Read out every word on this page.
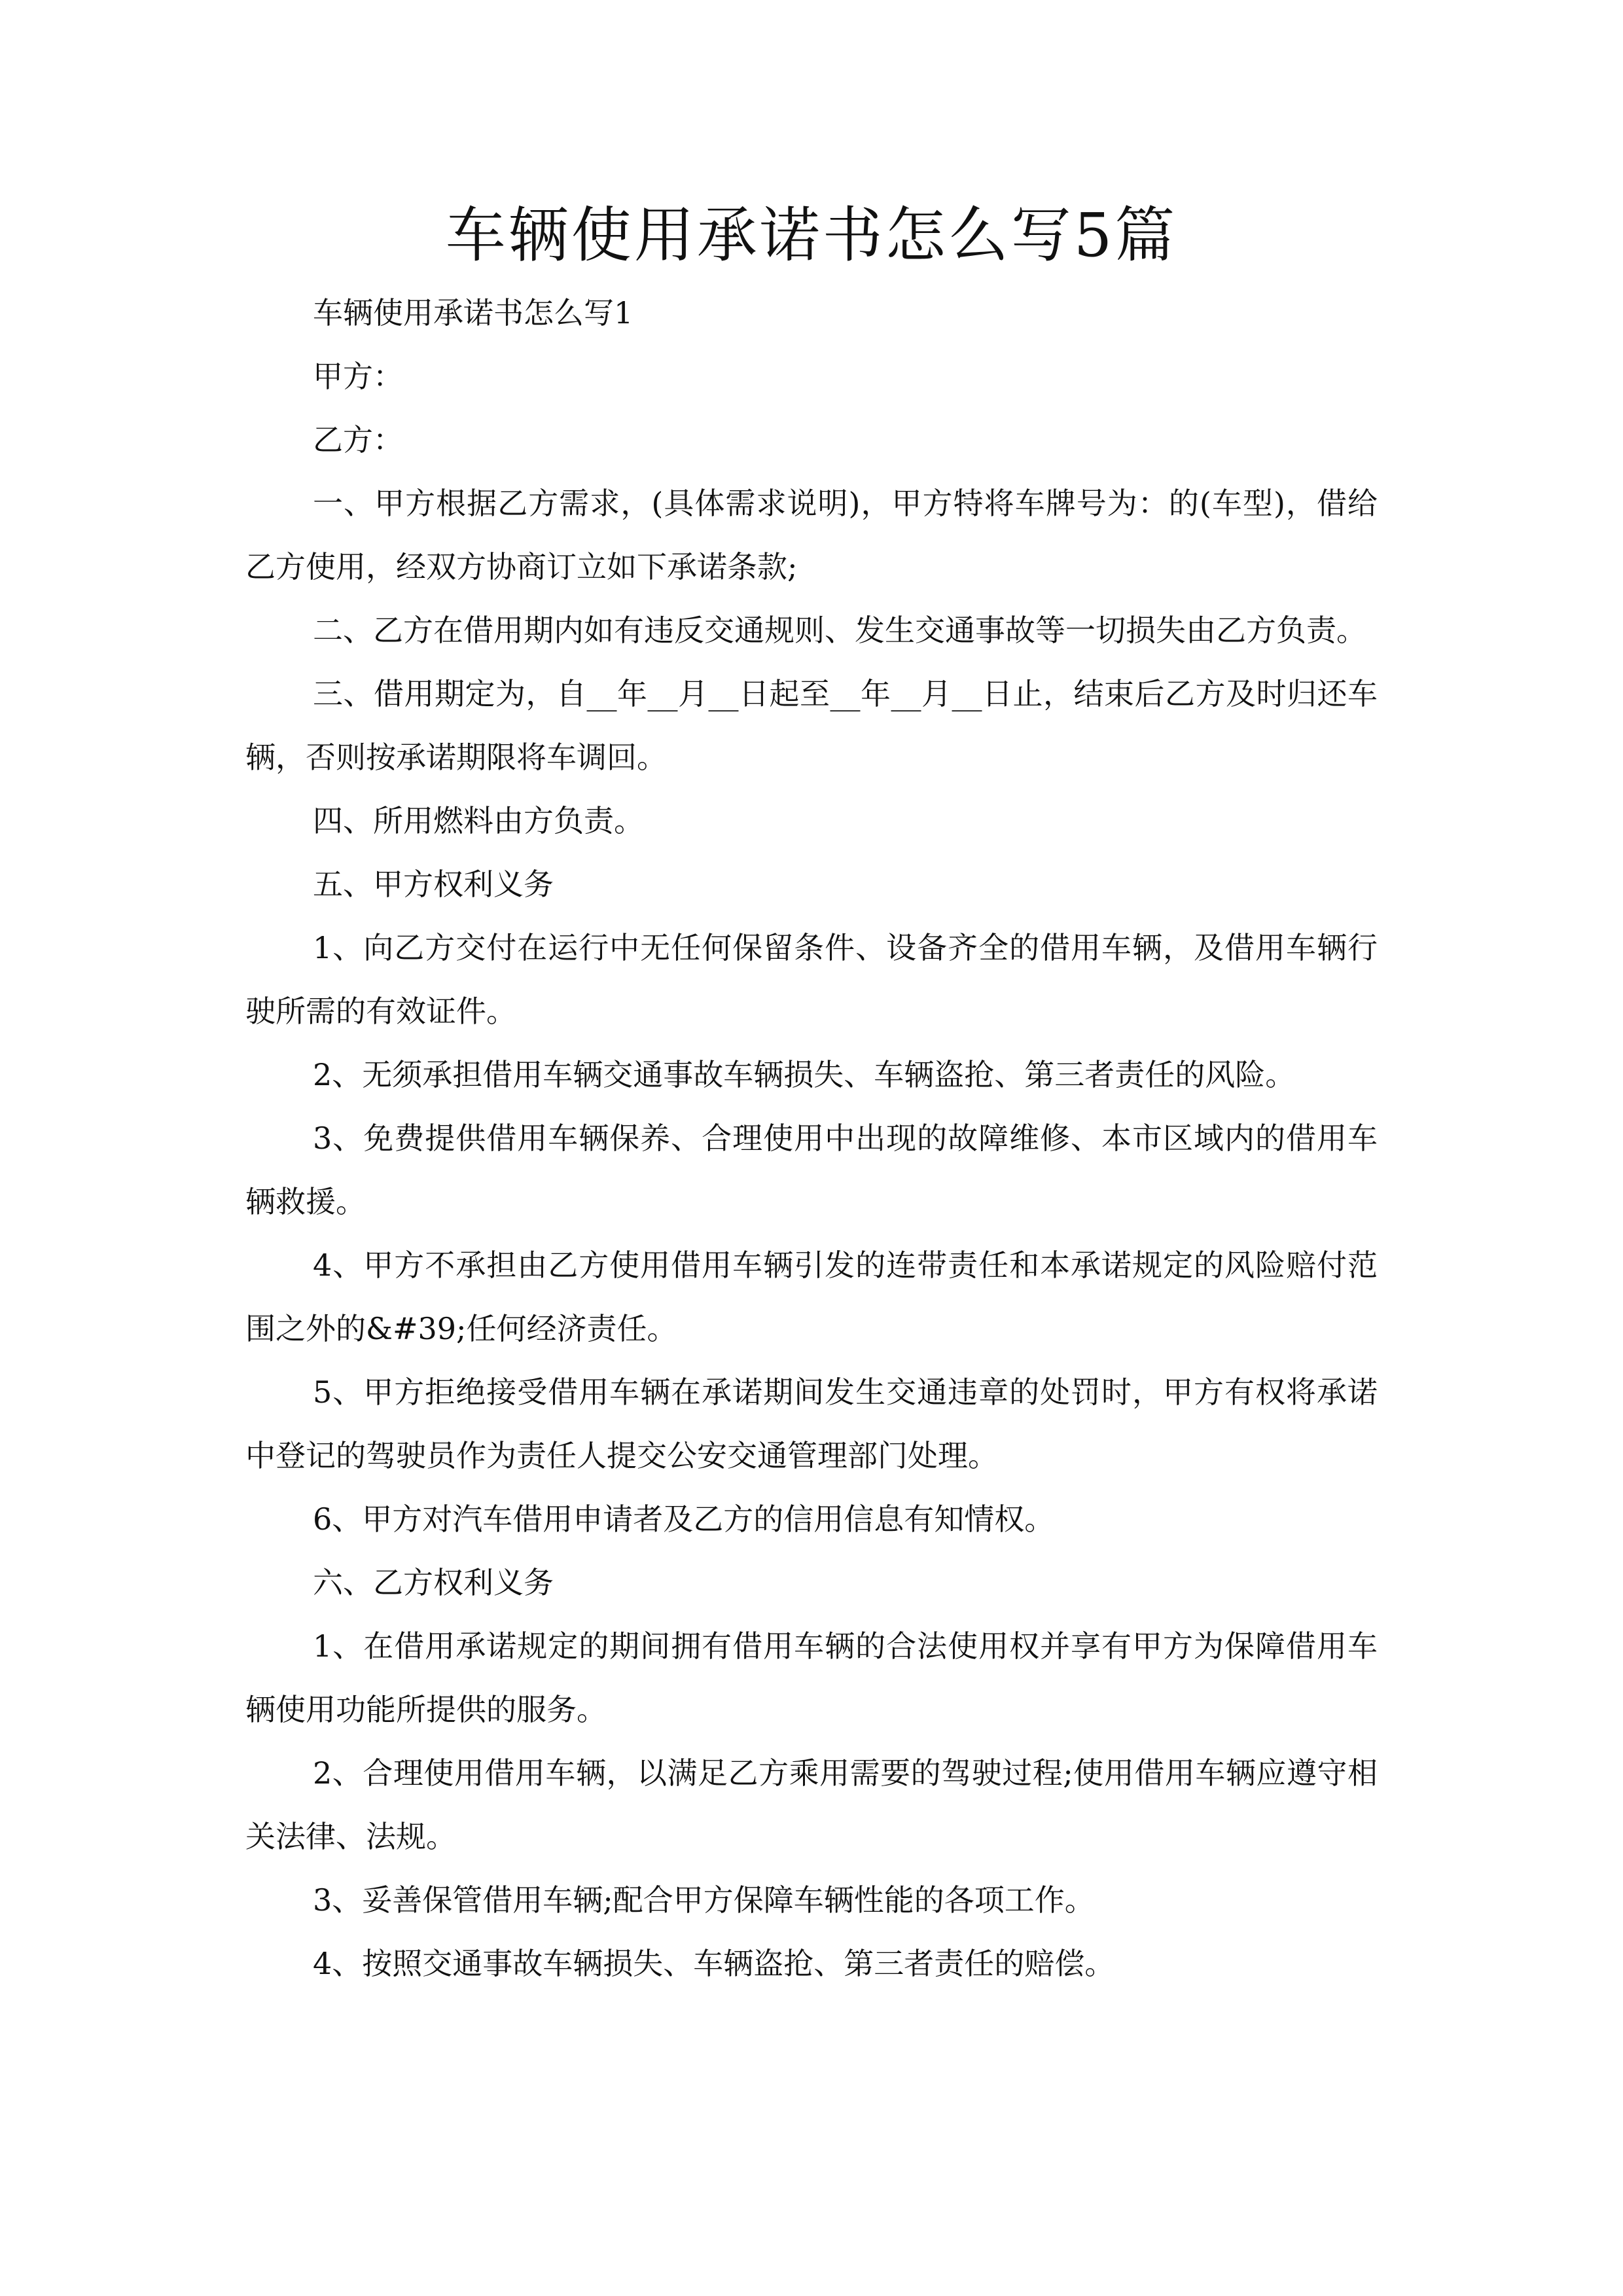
车辆使用承诺书怎么写5篇

车辆使用承诺书怎么写1

甲方：

乙方：

一、甲方根据乙方需求，(具体需求说明)，甲方特将车牌号为：的(车型)，借给乙方使用，经双方协商订立如下承诺条款;

二、乙方在借用期内如有违反交通规则、发生交通事故等一切损失由乙方负责。

三、借用期定为，自__年__月__日起至__年__月__日止，结束后乙方及时归还车辆，否则按承诺期限将车调回。

四、所用燃料由方负责。

五、甲方权利义务

1、向乙方交付在运行中无任何保留条件、设备齐全的借用车辆，及借用车辆行驶所需的有效证件。

2、无须承担借用车辆交通事故车辆损失、车辆盗抢、第三者责任的风险。

3、免费提供借用车辆保养、合理使用中出现的故障维修、本市区域内的借用车辆救援。

4、甲方不承担由乙方使用借用车辆引发的连带责任和本承诺规定的风险赔付范围之外的&#39;任何经济责任。

5、甲方拒绝接受借用车辆在承诺期间发生交通违章的处罚时，甲方有权将承诺中登记的驾驶员作为责任人提交公安交通管理部门处理。

6、甲方对汽车借用申请者及乙方的信用信息有知情权。

六、乙方权利义务

1、在借用承诺规定的期间拥有借用车辆的合法使用权并享有甲方为保障借用车辆使用功能所提供的服务。

2、合理使用借用车辆，以满足乙方乘用需要的驾驶过程;使用借用车辆应遵守相关法律、法规。

3、妥善保管借用车辆;配合甲方保障车辆性能的各项工作。

4、按照交通事故车辆损失、车辆盗抢、第三者责任的赔偿。
